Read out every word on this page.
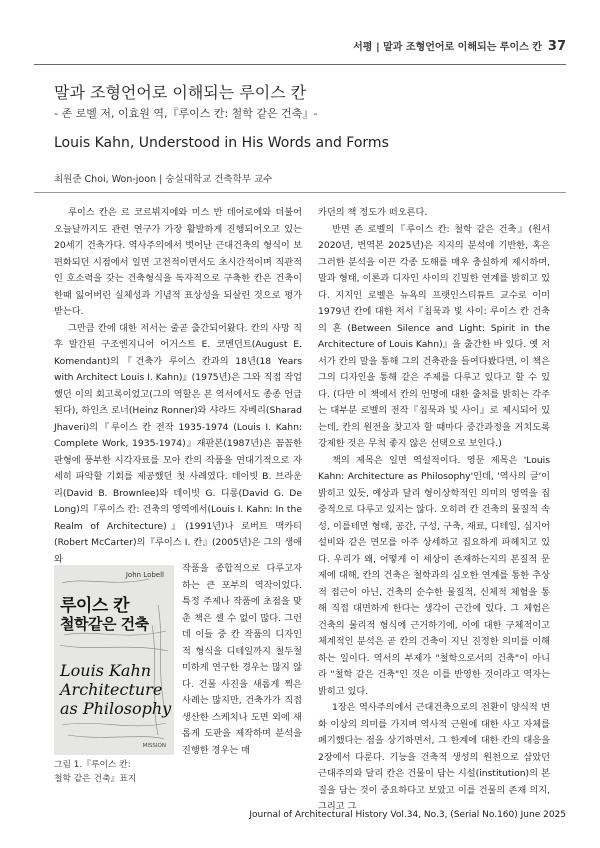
서평 | 말과 조형언어로 이해되는 루이스 칸 37
말과 조형언어로 이해되는 루이스 칸
- 존 로벨 저, 이효원 역,『루이스 칸: 철학 같은 건축』-
Louis Kahn, Understood in His Words and Forms
최원준 Choi, Won-joon | 숭실대학교 건축학부 교수

루이스 칸은 르 코르뷔지에와 미스 반 데어로에와 더불어 오늘날까지도 관련 연구가 가장 활발하게 진행되어오고 있는 20세기 건축가다. 역사주의에서 벗어난 근대건축의 형식이 보편화되던 시점에서 일면 고전적이면서도 초시간적이며 직관적인 호소력을 갖는 건축형식을 독자적으로 구축한 칸은 건축이 한때 잃어버린 실체성과 기념적 표상성을 되살린 것으로 평가받는다.

그만큼 칸에 대한 저서는 줄곧 출간되어왔다. 칸의 사망 직후 발간된 구조엔지니어 어거스트 E. 코멘던트(August E. Komendant)의『건축가 루이스 칸과의 18년(18 Years with Architect Louis I. Kahn)』(1975년)은 그와 직접 작업했던 이의 회고록이었고(그의 역할은 본 역서에서도 종종 언급된다), 하인츠 로너(Heinz Ronner)와 샤라드 자베리(Sharad Jhaveri)의『루이스 칸 전작 1935-1974 (Louis I. Kahn: Complete Work, 1935-1974)』재판본(1987년)은 꼼꼼한 판형에 풍부한 시각자료를 모아 칸의 작품을 연대기적으로 자세히 파악할 기회를 제공했던 첫 사례였다. 데이빗 B. 브라운리(David B. Brownlee)와 데이빗 G. 디롱(David G. De Long)의『루이스 칸: 건축의 영역에서(Louis I. Kahn: In the Realm of Architecture)』(1991년)나 로버트 맥카티(Robert McCarter)의『루이스 I. 칸』(2005년)은 그의 생애와

John Lobell
루이스 칸
철학같은 건축
Louis Kahn
Architecture
as Philosophy
MISSION
그림 1.『루이스 칸:
철학 같은 건축』표지

작품을 종합적으로 다루고자 하는 큰 포부의 역작이었다. 특정 주제나 작품에 초점을 맞춘 책은 셀 수 없이 많다. 그런데 이들 중 칸 작품의 디자인적 형식을 디테일까지 철두철미하게 연구한 경우는 많지 않다. 건물 사진을 새롭게 찍은 사례는 많지만, 건축가가 직접 생산한 스케치나 도면 외에 새롭게 도판을 제작하며 분석을 진행한 경우는 매

카던의 책 정도가 떠오른다.

반면 존 로벨의『루이스 칸: 철학 같은 건축』(원서 2020년, 번역본 2025년)은 지지의 분석에 기반한, 혹은 그러한 분석을 이끈 각종 도해를 매우 충실하게 제시하며, 말과 형태, 이론과 디자인 사이의 긴밀한 연계를 밝히고 있다. 지지인 로벨은 뉴욕의 프랫인스티튜트 교수로 이미 1979년 칸에 대한 저서『침묵과 빛 사이: 루이스 칸 건축의 혼 (Between Silence and Light: Spirit in the Architecture of Louis Kahn)』을 출간한 바 있다. 옛 저서가 칸의 말을 통해 그의 건축관을 들여다봤다면, 이 책은 그의 디자인을 통해 같은 주제를 다루고 있다고 할 수 있다. (다만 이 책에서 칸의 언명에 대한 출처를 밝히는 각주는 대부분 로벨의 전작『침묵과 빛 사이』로 제시되어 있는데, 칸의 원전을 찾고자 할 때마다 중간과정을 거치도록 강제한 것은 무척 좋지 않은 선택으로 보인다.)

책의 제목은 일면 역설적이다. 영문 제목은 'Louis Kahn: Architecture as Philosophy'인데, '역사의 글'이 밝히고 있듯, 예상과 달리 형이상학적인 의미의 영역을 집중적으로 다루고 있지는 않다. 오히려 칸 건축의 물질적 속성, 이를테면 형태, 공간, 구성, 구축, 재료, 디테일, 심지어 설비와 같은 면모를 아주 상세하고 집요하게 파헤치고 있다. 우리가 왜, 어떻게 이 세상이 존재하는지의 본질적 문제에 대해, 칸의 건축은 철학과의 심오한 연계를 통한 추상적 접근이 아닌, 건축의 순수한 물질적, 신체적 체험을 통해 직접 대면하게 한다는 생각이 근간에 있다. 그 체험은 건축의 물리적 형식에 근거하기에, 이에 대한 구체적이고 체계적인 분석은 곧 칸의 건축이 지닌 진정한 의미를 이해하는 일이다. 역서의 부제가 "철학으로서의 건축"이 아니라 "철학 같은 건축"인 것은 이를 반영한 것이라고 역자는 밝히고 있다.

1장은 역사주의에서 근대건축으로의 전환이 양식적 변화 이상의 의미를 가지며 역사적 근원에 대한 사고 자체를 폐기했다는 점을 상기하면서, 그 한계에 대한 칸의 대응을 2장에서 다룬다. 기능을 건축적 생성의 원천으로 삼았던 근대주의와 달리 칸은 건물이 담는 시설(institution)의 본질을 담는 것이 중요하다고 보았고 이를 건물의 존재 의지, 그리고 그

Journal of Architectural History Vol.34, No.3, (Serial No.160) June 2025
